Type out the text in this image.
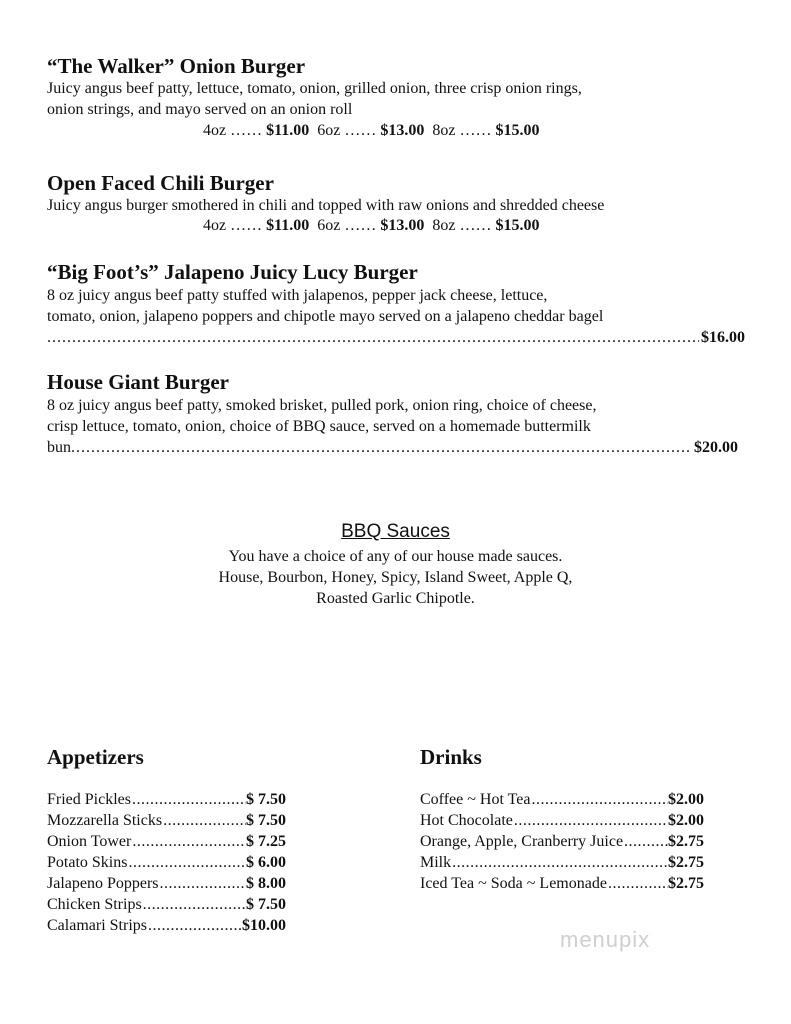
“The Walker” Onion Burger
Juicy angus beef patty, lettuce, tomato, onion, grilled onion, three crisp onion rings,
onion strings, and mayo served on an onion roll
4oz …… $11.00 6oz …… $13.00 8oz …… $15.00
Open Faced Chili Burger
Juicy angus burger smothered in chili and topped with raw onions and shredded cheese
4oz …… $11.00 6oz …… $13.00 8oz …… $15.00
“Big Foot’s” Jalapeno Juicy Lucy Burger
8 oz juicy angus beef patty stuffed with jalapenos, pepper jack cheese, lettuce,
tomato, onion, jalapeno poppers and chipotle mayo served on a jalapeno cheddar bagel
.....
$16.00
House Giant Burger
8 oz juicy angus beef patty, smoked brisket, pulled pork, onion ring, choice of cheese,
crisp lettuce, tomato, onion, choice of BBQ sauce, served on a homemade buttermilk
bun .....	$20.00
BBQ Sauces
You have a choice of any of our house made sauces.
House, Bourbon, Honey, Spicy, Island Sweet, Apple Q,
Roasted Garlic Chipotle.
Appetizers
Fried Pickles .....	$ 7.50
Mozzarella Sticks .....	$ 7.50
Onion Tower .....	$ 7.25
Potato Skins .....	$ 6.00
Jalapeno Poppers .....	$ 8.00
Chicken Strips .....	$ 7.50
Calamari Strips .....	$10.00
Drinks
Coffee ~ Hot Tea .....	$2.00
Hot Chocolate .....	$2.00
Orange, Apple, Cranberry Juice .....	$2.75
Milk .....	$2.75
Iced Tea ~ Soda ~ Lemonade .....	$2.75
menupix
